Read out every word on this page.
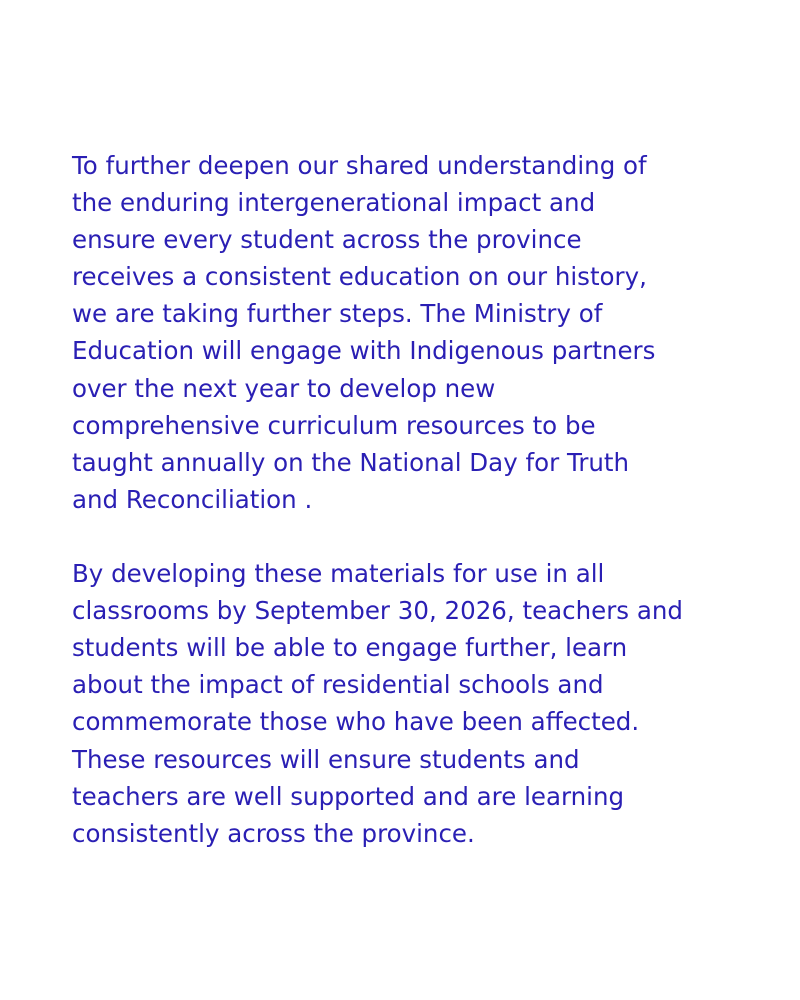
To further deepen our shared understanding of
the enduring intergenerational impact and
ensure every student across the province
receives a consistent education on our history,
we are taking further steps. The Ministry of
Education will engage with Indigenous partners
over the next year to develop new
comprehensive curriculum resources to be
taught annually on the National Day for Truth
and Reconciliation .

By developing these materials for use in all
classrooms by September 30, 2026, teachers and
students will be able to engage further, learn
about the impact of residential schools and
commemorate those who have been affected.
These resources will ensure students and
teachers are well supported and are learning
consistently across the province.
